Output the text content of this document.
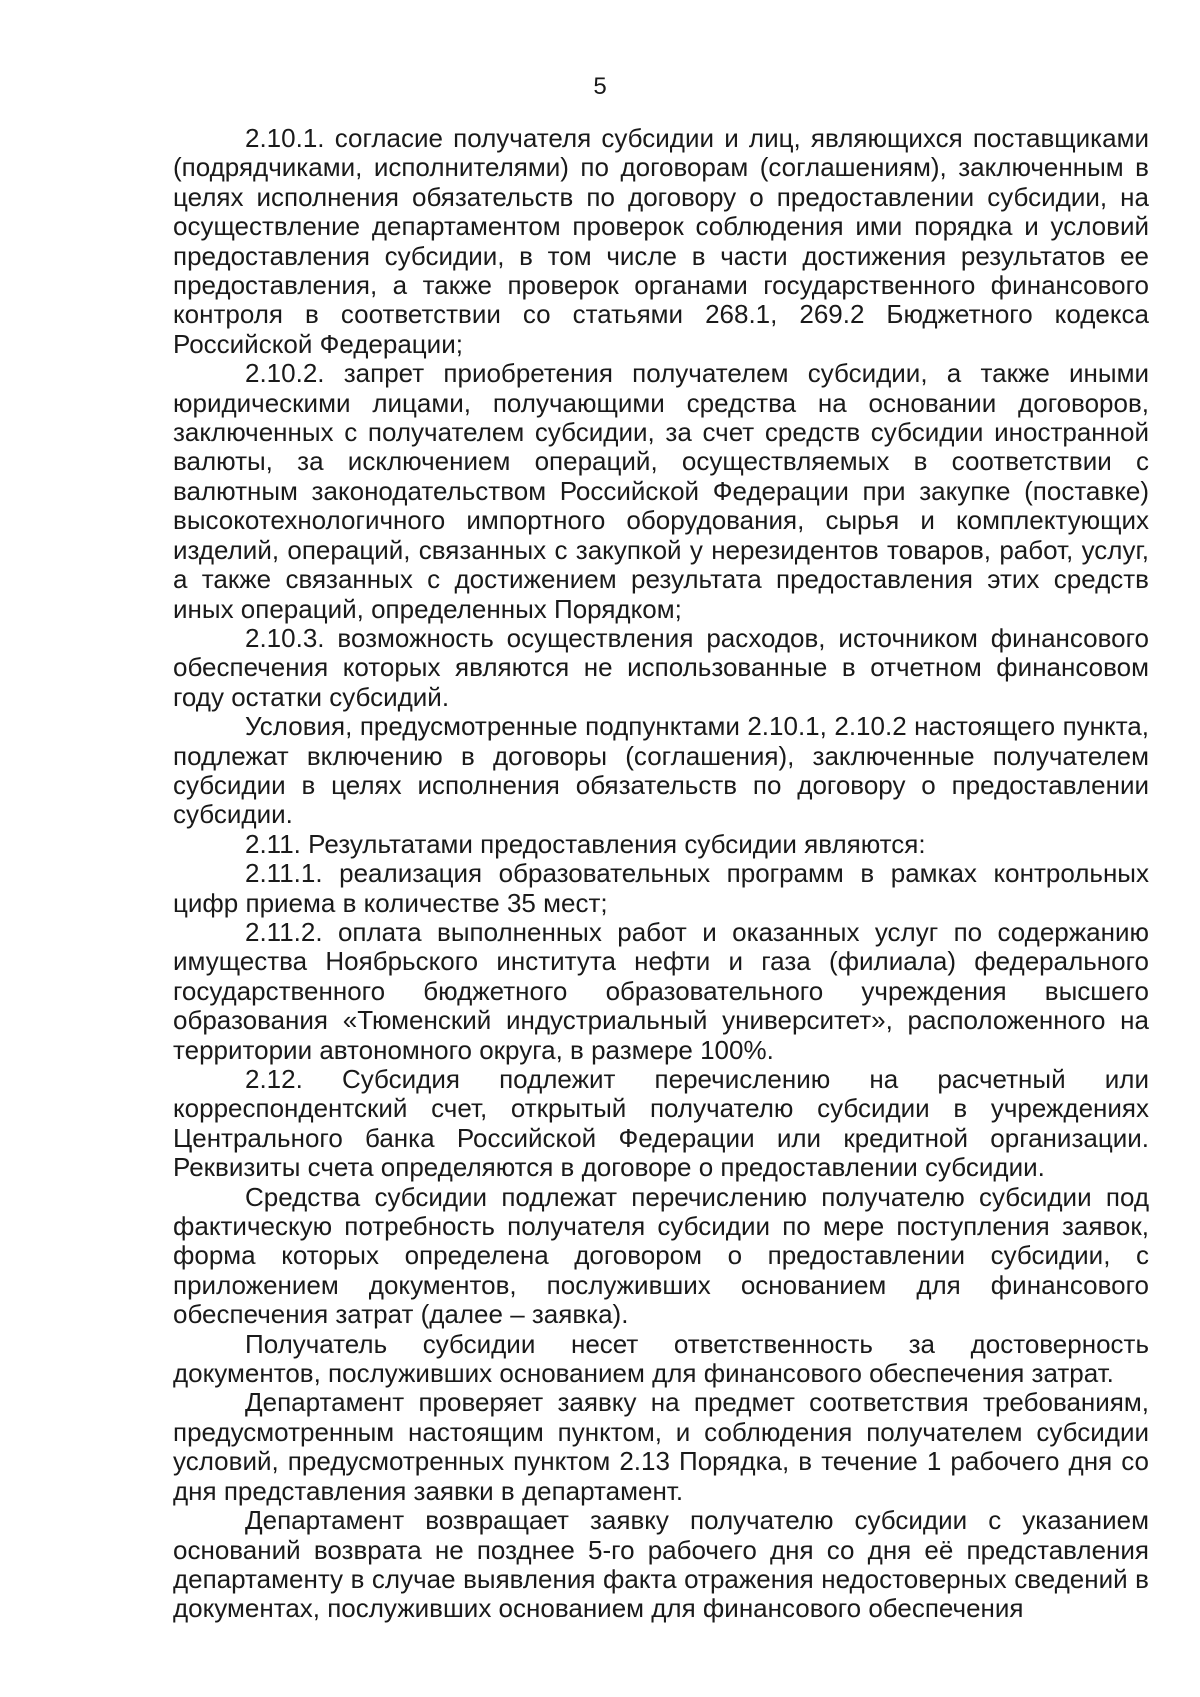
5

2.10.1. согласие получателя субсидии и лиц, являющихся поставщиками (подрядчиками, исполнителями) по договорам (соглашениям), заключенным в целях исполнения обязательств по договору о предоставлении субсидии, на осуществление департаментом проверок соблюдения ими порядка и условий предоставления субсидии, в том числе в части достижения результатов ее предоставления, а также проверок органами государственного финансового контроля в соответствии со статьями 268.1, 269.2 Бюджетного кодекса Российской Федерации;

2.10.2. запрет приобретения получателем субсидии, а также иными юридическими лицами, получающими средства на основании договоров, заключенных с получателем субсидии, за счет средств субсидии иностранной валюты, за исключением операций, осуществляемых в соответствии с валютным законодательством Российской Федерации при закупке (поставке) высокотехнологичного импортного оборудования, сырья и комплектующих изделий, операций, связанных с закупкой у нерезидентов товаров, работ, услуг, а также связанных с достижением результата предоставления этих средств иных операций, определенных Порядком;

2.10.3. возможность осуществления расходов, источником финансового обеспечения которых являются не использованные в отчетном финансовом году остатки субсидий.

Условия, предусмотренные подпунктами 2.10.1, 2.10.2 настоящего пункта, подлежат включению в договоры (соглашения), заключенные получателем субсидии в целях исполнения обязательств по договору о предоставлении субсидии.

2.11. Результатами предоставления субсидии являются:

2.11.1. реализация образовательных программ в рамках контрольных цифр приема в количестве 35 мест;

2.11.2. оплата выполненных работ и оказанных услуг по содержанию имущества Ноябрьского института нефти и газа (филиала) федерального государственного бюджетного образовательного учреждения высшего образования «Тюменский индустриальный университет», расположенного на территории автономного округа, в размере 100%.

2.12. Субсидия подлежит перечислению на расчетный или корреспондентский счет, открытый получателю субсидии в учреждениях Центрального банка Российской Федерации или кредитной организации. Реквизиты счета определяются в договоре о предоставлении субсидии.

Средства субсидии подлежат перечислению получателю субсидии под фактическую потребность получателя субсидии по мере поступления заявок, форма которых определена договором о предоставлении субсидии, с приложением документов, послуживших основанием для финансового обеспечения затрат (далее – заявка).

Получатель субсидии несет ответственность за достоверность документов, послуживших основанием для финансового обеспечения затрат.

Департамент проверяет заявку на предмет соответствия требованиям, предусмотренным настоящим пунктом, и соблюдения получателем субсидии условий, предусмотренных пунктом 2.13 Порядка, в течение 1 рабочего дня со дня представления заявки в департамент.

Департамент возвращает заявку получателю субсидии с указанием оснований возврата не позднее 5-го рабочего дня со дня её представления департаменту в случае выявления факта отражения недостоверных сведений в документах, послуживших основанием для финансового обеспечения
